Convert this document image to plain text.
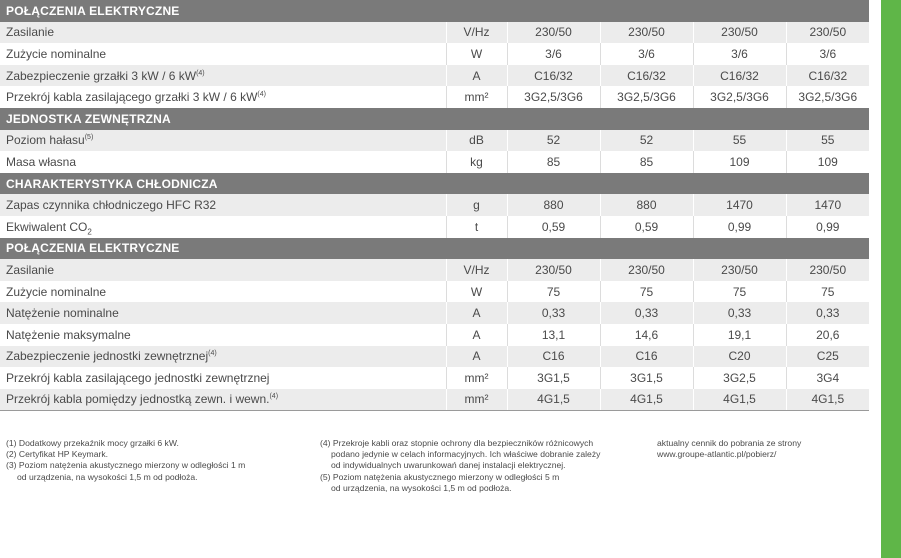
POŁĄCZENIA ELEKTRYCZNE					
Zasilanie	V/Hz	230/50	230/50	230/50	230/50
Zużycie nominalne	W	3/6	3/6	3/6	3/6
Zabezpieczenie grzałki 3 kW / 6 $kW^{(4)}$	A	C16/32	C16/32	C16/32	C16/32
Przekrój kabla zasilającego grzałki 3 kW / 6 $kW^{(4)}$	mm²	3G2,5/3G6	3G2,5/3G6	3G2,5/3G6	3G2,5/3G6
JEDNOSTKA ZEWNĘTRZNA					
Poziom hałasu$^{(5)}$	dB	52	52	55	55
Masa własna	kg	85	85	109	109
CHARAKTERYSTYKA CHŁODNICZA					
Zapas czynnika chłodniczego HFC R32	g	880	880	1470	1470
Ekwiwalent $CO_2$	t	0,59	0,59	0,99	0,99
POŁĄCZENIA ELEKTRYCZNE					
Zasilanie	V/Hz	230/50	230/50	230/50	230/50
Zużycie nominalne	W	75	75	75	75
Natężenie nominalne	A	0,33	0,33	0,33	0,33
Natężenie maksymalne	A	13,1	14,6	19,1	20,6
Zabezpieczenie jednostki zewnętrznej$^{(4)}$	A	C16	C16	C20	C25
Przekrój kabla zasilającego jednostki zewnętrznej	mm²	3G1,5	3G1,5	3G2,5	3G4
Przekrój kabla pomiędzy jednostką zewn. i wewn.$^{(4)}$	mm²	4G1,5	4G1,5	4G1,5	4G1,5
(1) Dodatkowy przekaźnik mocy grzałki 6 kW.
(2) Certyfikat HP Keymark.
(3) Poziom natężenia akustycznego mierzony w odległości 1 m
od urządzenia, na wysokości 1,5 m od podłoża.
(4) Przekroje kabli oraz stopnie ochrony dla bezpieczników różnicowych
podano jedynie w celach informacyjnych. Ich właściwe dobranie zależy
od indywidualnych uwarunkowań danej instalacji elektrycznej.
(5) Poziom natężenia akustycznego mierzony w odległości 5 m
od urządzenia, na wysokości 1,5 m od podłoża.
aktualny cennik do pobrania ze strony
www.groupe-atlantic.pl/pobierz/
